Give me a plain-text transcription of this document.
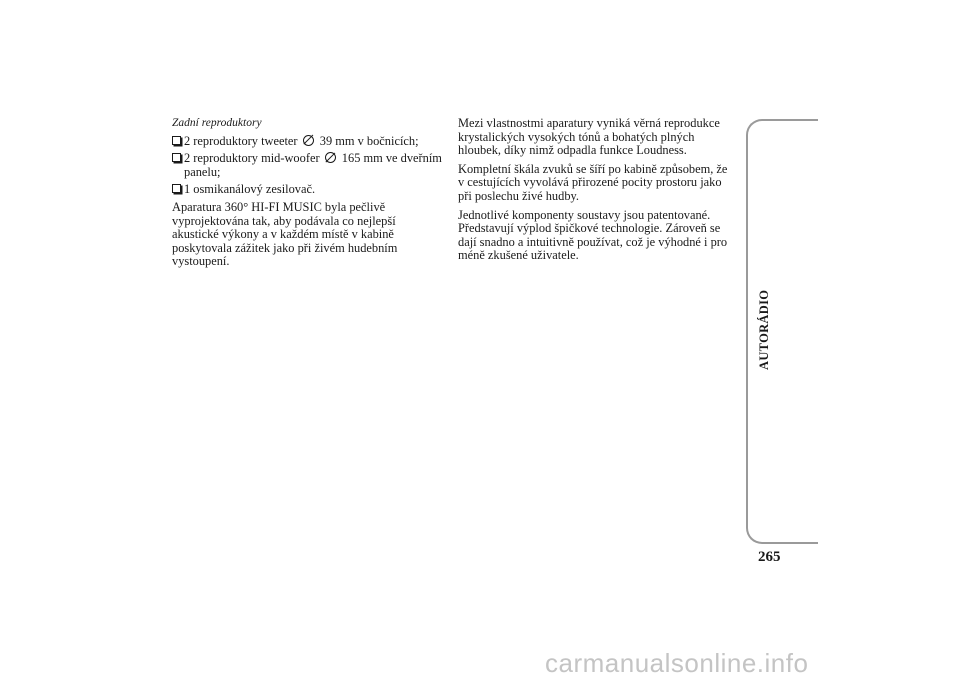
Zadní reproduktory
2 reproduktory tweeter 39 mm v bočnicích;
2 reproduktory mid-woofer 165 mm ve dveřním panelu;
1 osmikanálový zesilovač.

Aparatura 360° HI-FI MUSIC byla pečlivě vyprojektována tak, aby podávala co nejlepší akustické výkony a v každém místě v kabině poskytovala zážitek jako při živém hudebním vystoupení.

Mezi vlastnostmi aparatury vyniká věrná reprodukce krystalických vysokých tónů a bohatých plných hloubek, díky nimž odpadla funkce Loudness.

Kompletní škála zvuků se šíří po kabině způsobem, že v cestujících vyvolává přirozené pocity prostoru jako při poslechu živé hudby.

Jednotlivé komponenty soustavy jsou patentované. Představují výplod špičkové technologie. Zároveň se dají snadno a intuitivně používat, což je výhodné i pro méně zkušené uživatele.

AUTORÁDIO
265
carmanualsonline.info
